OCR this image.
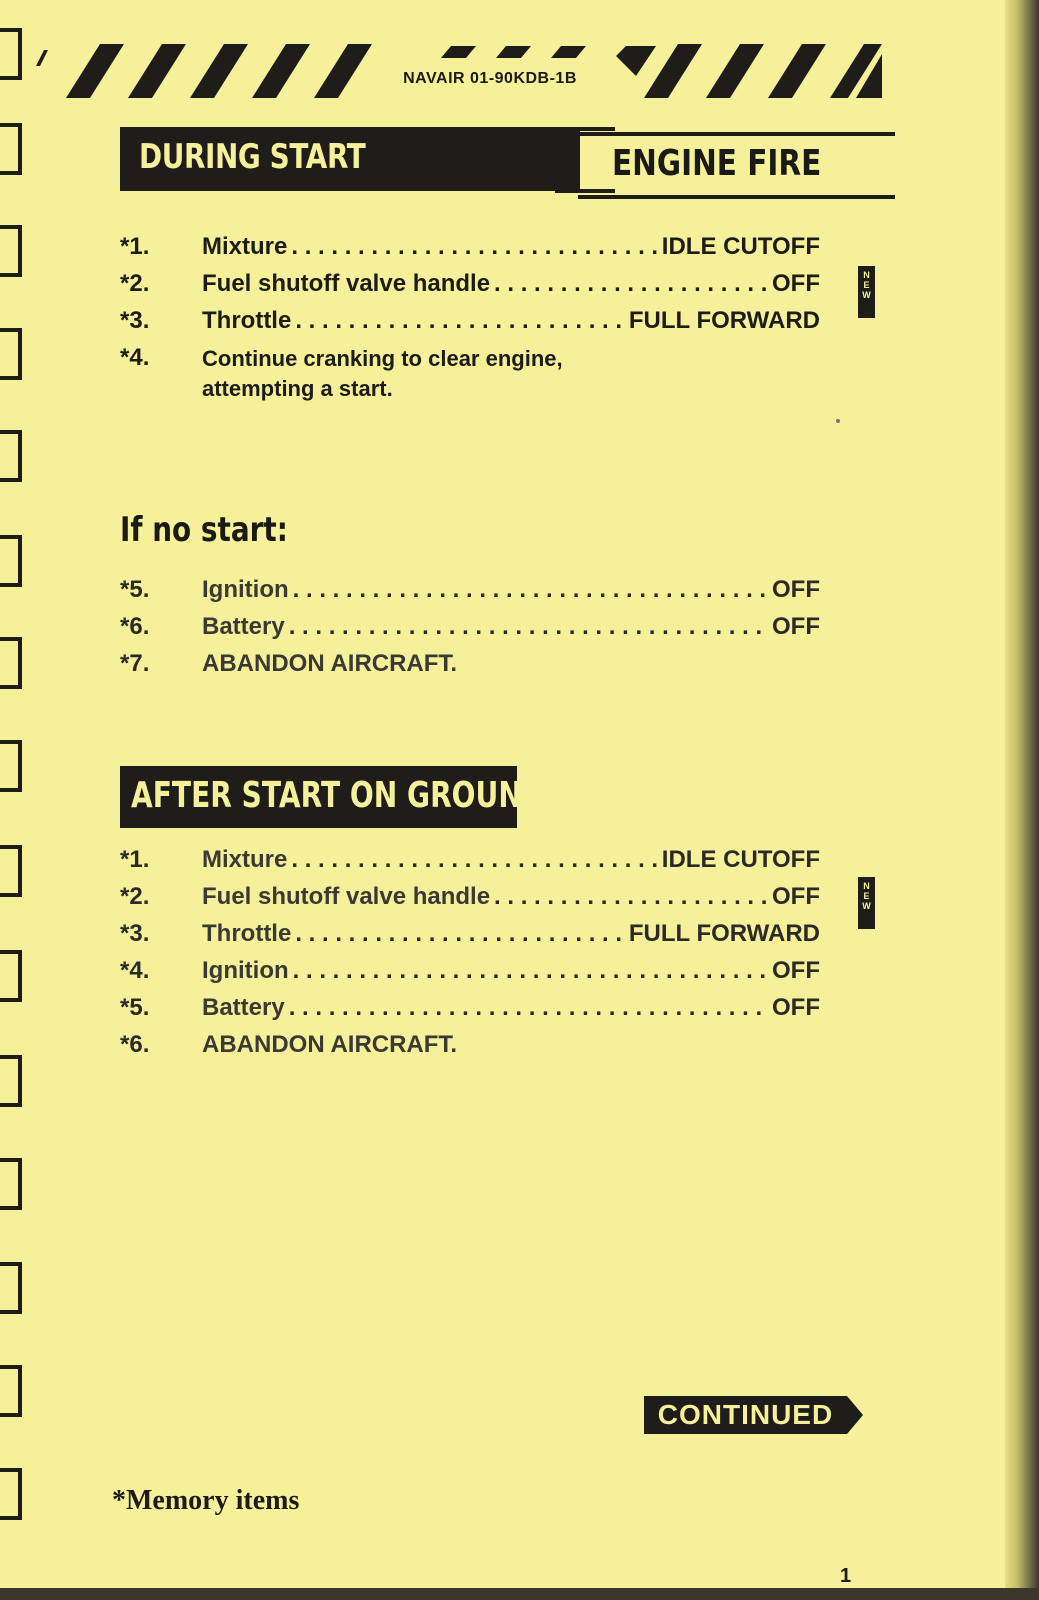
NAVAIR 01-90KDB-1B
DURING START	ENGINE FIRE
*1.	Mixture . . .	IDLE CUTOFF
*2.	Fuel shutoff valve handle . . .	OFF
*3.	Throttle . . .	FULL FORWARD
*4.	Continue cranking to clear engine, attempting a start.
NEW
If no start:
*5.	Ignition . . .	OFF
*6.	Battery . . .	OFF
*7.	ABANDON AIRCRAFT.
AFTER START ON GROUND
*1.	Mixture . . .	IDLE CUTOFF
*2.	Fuel shutoff valve handle . . .	OFF
*3.	Throttle . . .	FULL FORWARD
*4.	Ignition . . .	OFF
*5.	Battery . . .	OFF
*6.	ABANDON AIRCRAFT.
NEW
CONTINUED
*Memory items
1
